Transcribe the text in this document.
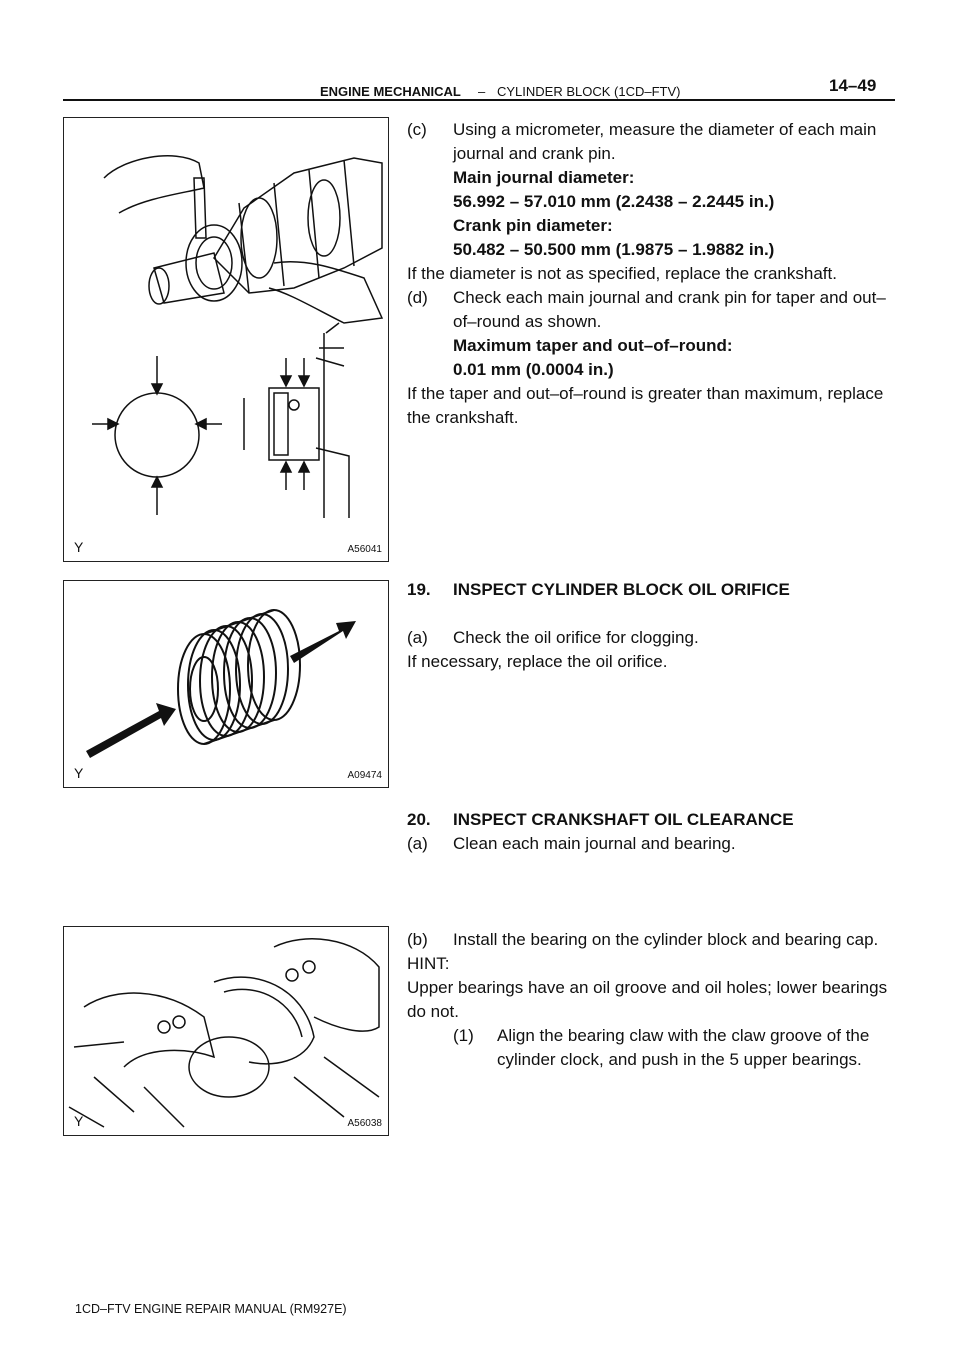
ENGINE MECHANICAL – CYLINDER BLOCK (1CD–FTV)	14–49
Y	A56041
Y	A09474
Y	A56038
(c) Using a micrometer, measure the diameter of each main
journal and crank pin.
Main journal diameter:
56.992 – 57.010 mm (2.2438 – 2.2445 in.)
Crank pin diameter:
50.482 – 50.500 mm (1.9875 – 1.9882 in.)
If the diameter is not as specified, replace the crankshaft.
(d) Check each main journal and crank pin for taper and out–
of–round as shown.
Maximum taper and out–of–round:
0.01 mm (0.0004 in.)
If the taper and out–of–round is greater than maximum, replace
the crankshaft.
19. INSPECT CYLINDER BLOCK OIL ORIFICE
(a) Check the oil orifice for clogging.
If necessary, replace the oil orifice.
20. INSPECT CRANKSHAFT OIL CLEARANCE
(a) Clean each main journal and bearing.
(b) Install the bearing on the cylinder block and bearing cap.
HINT:
Upper bearings have an oil groove and oil holes; lower bearings
do not.
(1) Align the bearing claw with the claw groove of the
cylinder clock, and push in the 5 upper bearings.
1CD–FTV ENGINE REPAIR MANUAL (RM927E)
